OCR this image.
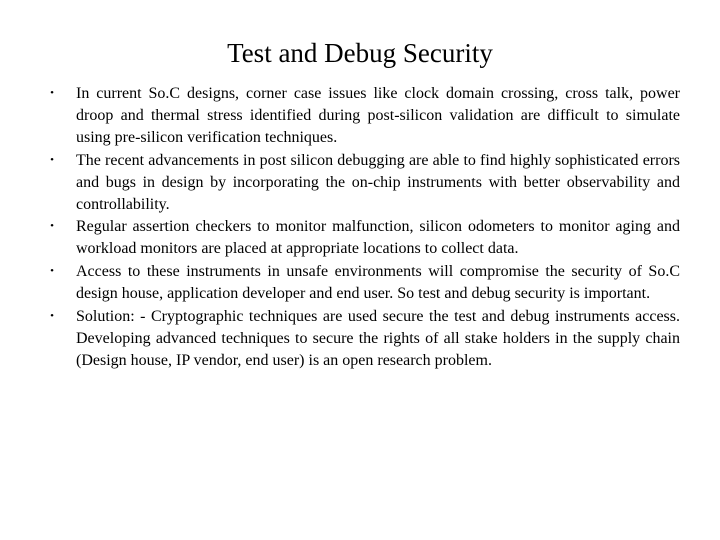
Test and Debug Security
•	In current So.C designs, corner case issues like clock domain crossing, cross talk, power droop and thermal stress identified during post-silicon validation are difficult to simulate using pre-silicon verification techniques.
•	The recent advancements in post silicon debugging are able to find highly sophisticated errors and bugs in design by incorporating the on-chip instruments with better observability and controllability.
•	Regular assertion checkers to monitor malfunction, silicon odometers to monitor aging and workload monitors are placed at appropriate locations to collect data.
•	Access to these instruments in unsafe environments will compromise the security of So.C design house, application developer and end user. So test and debug security is important.
•	Solution: - Cryptographic techniques are used secure the test and debug instruments access. Developing advanced techniques to secure the rights of all stake holders in the supply chain (Design house, IP vendor, end user) is an open research problem.
